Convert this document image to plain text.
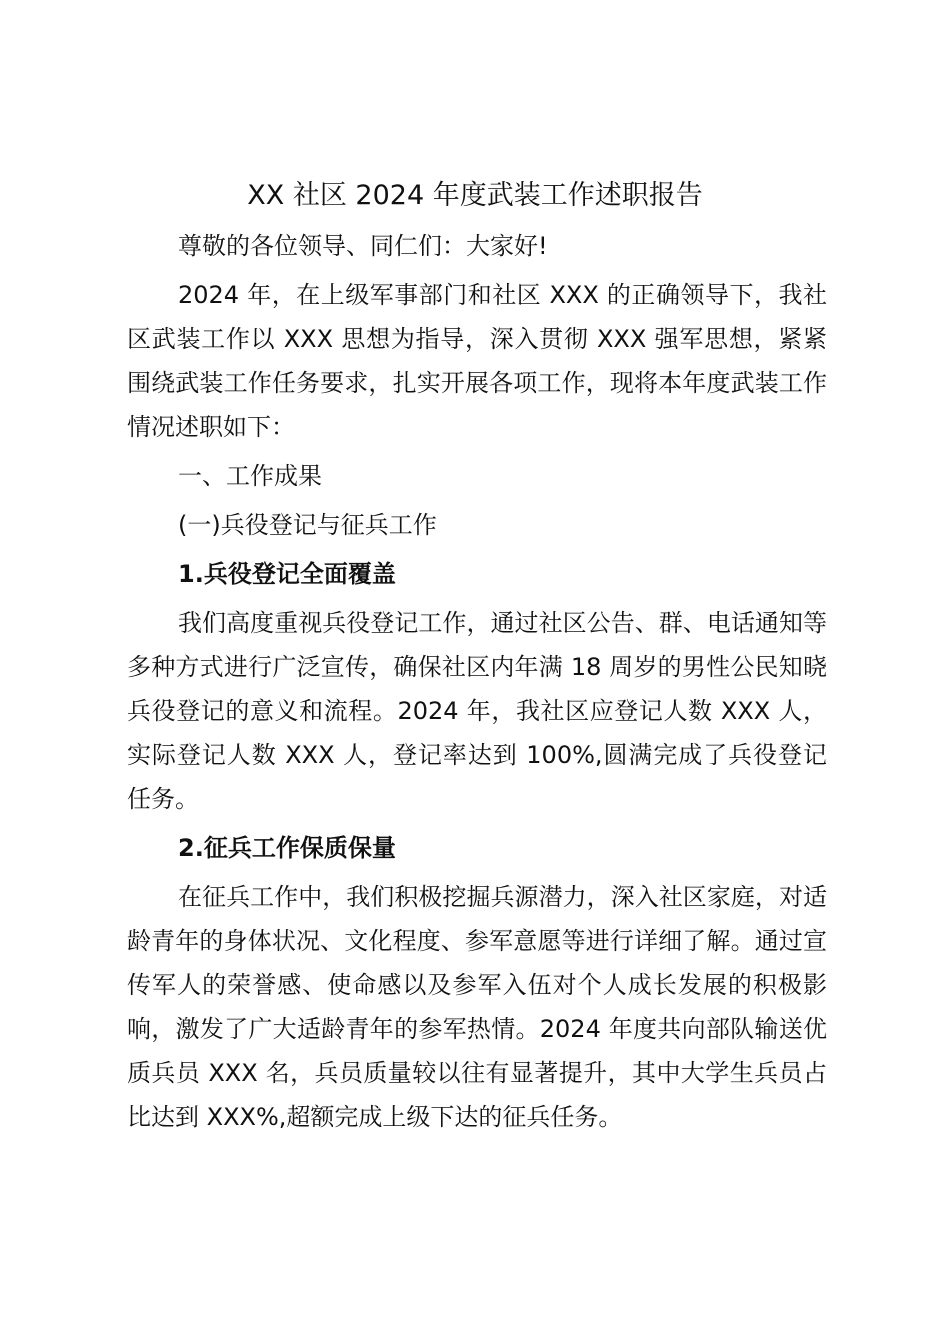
XX 社区 2024 年度武装工作述职报告

尊敬的各位领导、同仁们：大家好!

2024 年，在上级军事部门和社区 XXX 的正确领导下，我社区武装工作以 XXX 思想为指导，深入贯彻 XXX 强军思想，紧紧围绕武装工作任务要求，扎实开展各项工作，现将本年度武装工作情况述职如下：

一、工作成果

(一)兵役登记与征兵工作

1.兵役登记全面覆盖

我们高度重视兵役登记工作，通过社区公告、群、电话通知等多种方式进行广泛宣传，确保社区内年满 18 周岁的男性公民知晓兵役登记的意义和流程。2024 年，我社区应登记人数 XXX 人，实际登记人数 XXX 人，登记率达到 100%,圆满完成了兵役登记任务。

2.征兵工作保质保量

在征兵工作中，我们积极挖掘兵源潜力，深入社区家庭，对适龄青年的身体状况、文化程度、参军意愿等进行详细了解。通过宣传军人的荣誉感、使命感以及参军入伍对个人成长发展的积极影响，激发了广大适龄青年的参军热情。2024 年度共向部队输送优质兵员 XXX 名，兵员质量较以往有显著提升，其中大学生兵员占比达到 XXX%,超额完成上级下达的征兵任务。
